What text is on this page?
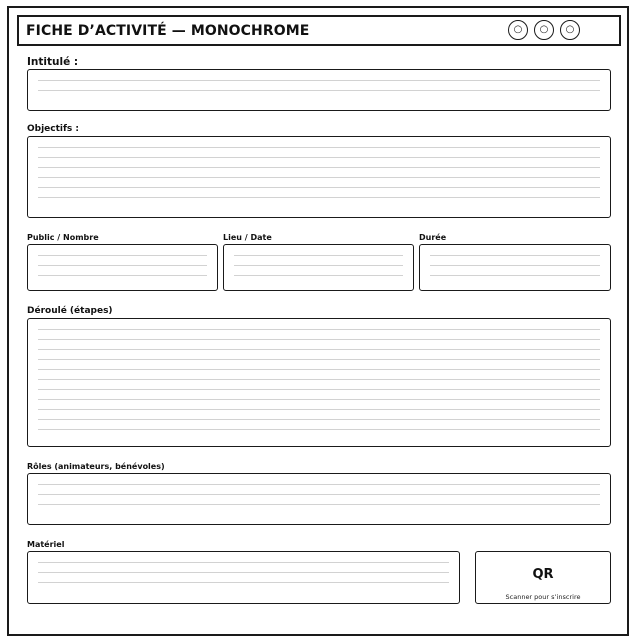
FICHE D’ACTIVITÉ — MONOCHROME	○	○	○
Intitulé :
Objectifs :
Public / Nombre	Lieu / Date	Durée
Déroulé (étapes)
Rôles (animateurs, bénévoles)
Matériel
QR
Scanner pour s’inscrire
